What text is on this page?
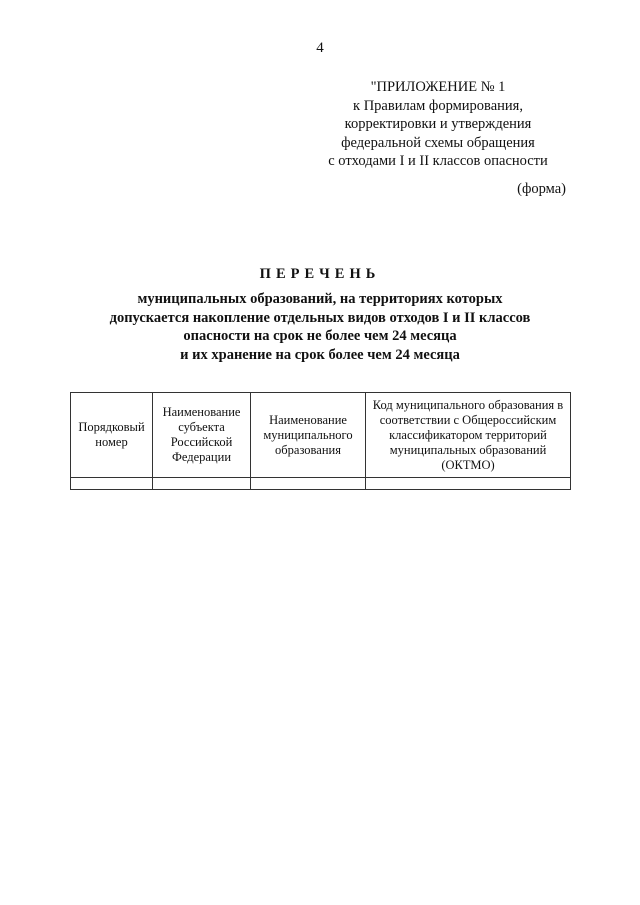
4
"ПРИЛОЖЕНИЕ № 1
к Правилам формирования,
корректировки и утверждения
федеральной схемы обращения
с отходами I и II классов опасности
(форма)
ПЕРЕЧЕНЬ
муниципальных образований, на территориях которых
допускается накопление отдельных видов отходов I и II классов
опасности на срок не более чем 24 месяца
и их хранение на срок более чем 24 месяца
Порядковый номер	Наименование субъекта Российской Федерации	Наименование муниципального образования	Код муниципального образования в соответствии с Общероссийским классификатором территорий муниципальных образований (ОКТМО)
